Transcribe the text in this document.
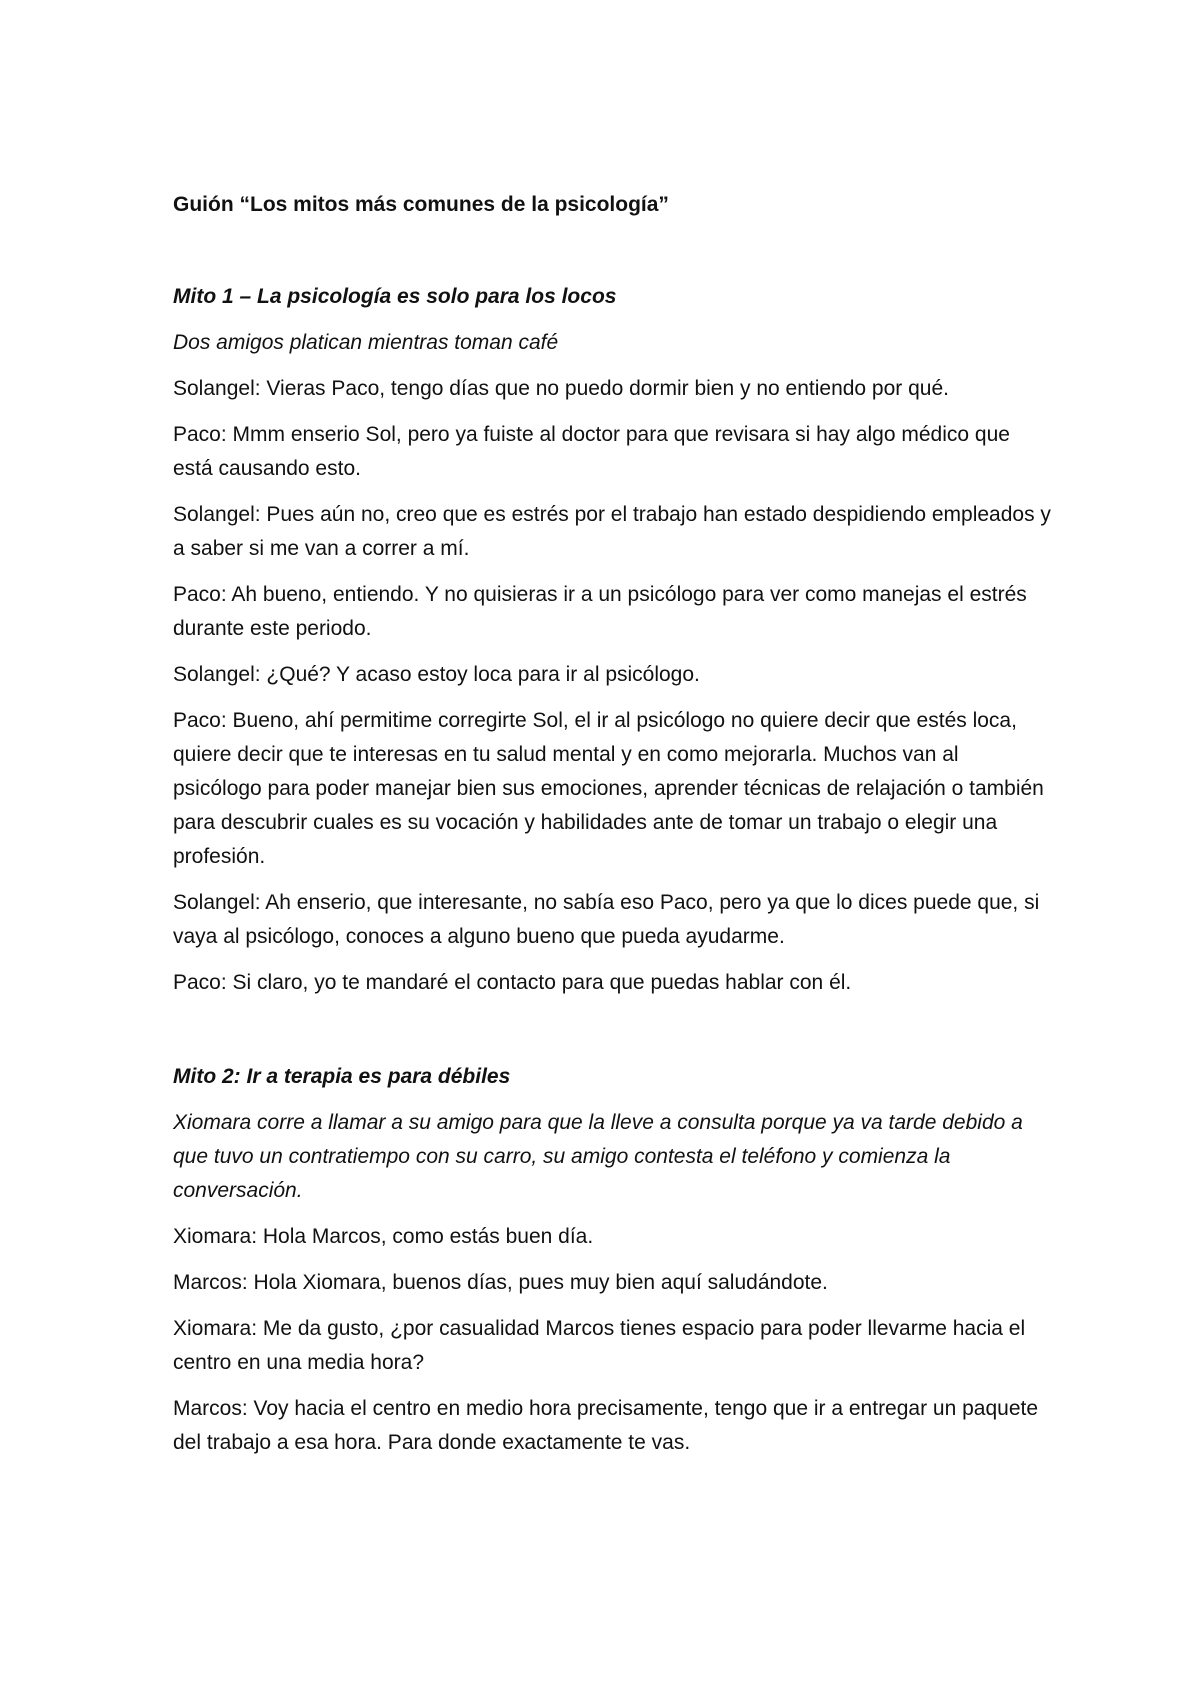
Guión “Los mitos más comunes de la psicología”

Mito 1 – La psicología es solo para los locos

Dos amigos platican mientras toman café

Solangel: Vieras Paco, tengo días que no puedo dormir bien y no entiendo por qué.

Paco: Mmm enserio Sol, pero ya fuiste al doctor para que revisara si hay algo médico que está causando esto.

Solangel: Pues aún no, creo que es estrés por el trabajo han estado despidiendo empleados y a saber si me van a correr a mí.

Paco: Ah bueno, entiendo. Y no quisieras ir a un psicólogo para ver como manejas el estrés durante este periodo.

Solangel: ¿Qué? Y acaso estoy loca para ir al psicólogo.

Paco: Bueno, ahí permitime corregirte Sol, el ir al psicólogo no quiere decir que estés loca, quiere decir que te interesas en tu salud mental y en como mejorarla. Muchos van al psicólogo para poder manejar bien sus emociones, aprender técnicas de relajación o también para descubrir cuales es su vocación y habilidades ante de tomar un trabajo o elegir una profesión.

Solangel: Ah enserio, que interesante, no sabía eso Paco, pero ya que lo dices puede que, si vaya al psicólogo, conoces a alguno bueno que pueda ayudarme.

Paco: Si claro, yo te mandaré el contacto para que puedas hablar con él.

Mito 2: Ir a terapia es para débiles

Xiomara corre a llamar a su amigo para que la lleve a consulta porque ya va tarde debido a que tuvo un contratiempo con su carro, su amigo contesta el teléfono y comienza la conversación.

Xiomara: Hola Marcos, como estás buen día.

Marcos: Hola Xiomara, buenos días, pues muy bien aquí saludándote.

Xiomara: Me da gusto, ¿por casualidad Marcos tienes espacio para poder llevarme hacia el centro en una media hora?

Marcos: Voy hacia el centro en medio hora precisamente, tengo que ir a entregar un paquete del trabajo a esa hora. Para donde exactamente te vas.
